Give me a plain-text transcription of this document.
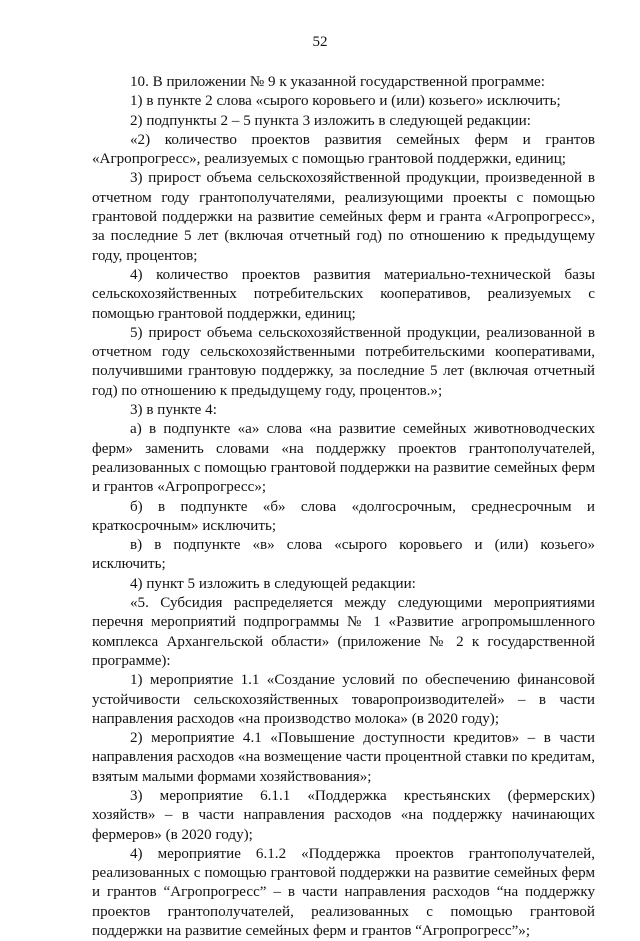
52

10. В приложении № 9 к указанной государственной программе:

1) в пункте 2 слова «сырого коровьего и (или) козьего» исключить;

2) подпункты 2 – 5 пункта 3 изложить в следующей редакции:

«2) количество проектов развития семейных ферм и грантов «Агропрогресс», реализуемых с помощью грантовой поддержки, единиц;

3) прирост объема сельскохозяйственной продукции, произведенной в отчетном году грантополучателями, реализующими проекты с помощью грантовой поддержки на развитие семейных ферм и гранта «Агропрогресс», за последние 5 лет (включая отчетный год) по отношению к предыдущему году, процентов;

4) количество проектов развития материально-технической базы сельскохозяйственных потребительских кооперативов, реализуемых с помощью грантовой поддержки, единиц;

5) прирост объема сельскохозяйственной продукции, реализованной в отчетном году сельскохозяйственными потребительскими кооперативами, получившими грантовую поддержку, за последние 5 лет (включая отчетный год) по отношению к предыдущему году, процентов.»;

3) в пункте 4:

а) в подпункте «а» слова «на развитие семейных животноводческих ферм» заменить словами «на поддержку проектов грантополучателей, реализованных с помощью грантовой поддержки на развитие семейных ферм и грантов «Агропрогресс»;

б) в подпункте «б» слова «долгосрочным, среднесрочным и краткосрочным» исключить;

в) в подпункте «в» слова «сырого коровьего и (или) козьего» исключить;

4) пункт 5 изложить в следующей редакции:

«5. Субсидия распределяется между следующими мероприятиями перечня мероприятий подпрограммы № 1 «Развитие агропромышленного комплекса Архангельской области» (приложение № 2 к государственной программе):

1) мероприятие 1.1 «Создание условий по обеспечению финансовой устойчивости сельскохозяйственных товаропроизводителей» – в части направления расходов «на производство молока» (в 2020 году);

2) мероприятие 4.1 «Повышение доступности кредитов» – в части направления расходов «на возмещение части процентной ставки по кредитам, взятым малыми формами хозяйствования»;

3) мероприятие 6.1.1 «Поддержка крестьянских (фермерских) хозяйств» – в части направления расходов «на поддержку начинающих фермеров» (в 2020 году);

4) мероприятие 6.1.2 «Поддержка проектов грантополучателей, реализованных с помощью грантовой поддержки на развитие семейных ферм и грантов “Агропрогресс” – в части направления расходов “на поддержку проектов грантополучателей, реализованных с помощью грантовой поддержки на развитие семейных ферм и грантов “Агропрогресс”»;
